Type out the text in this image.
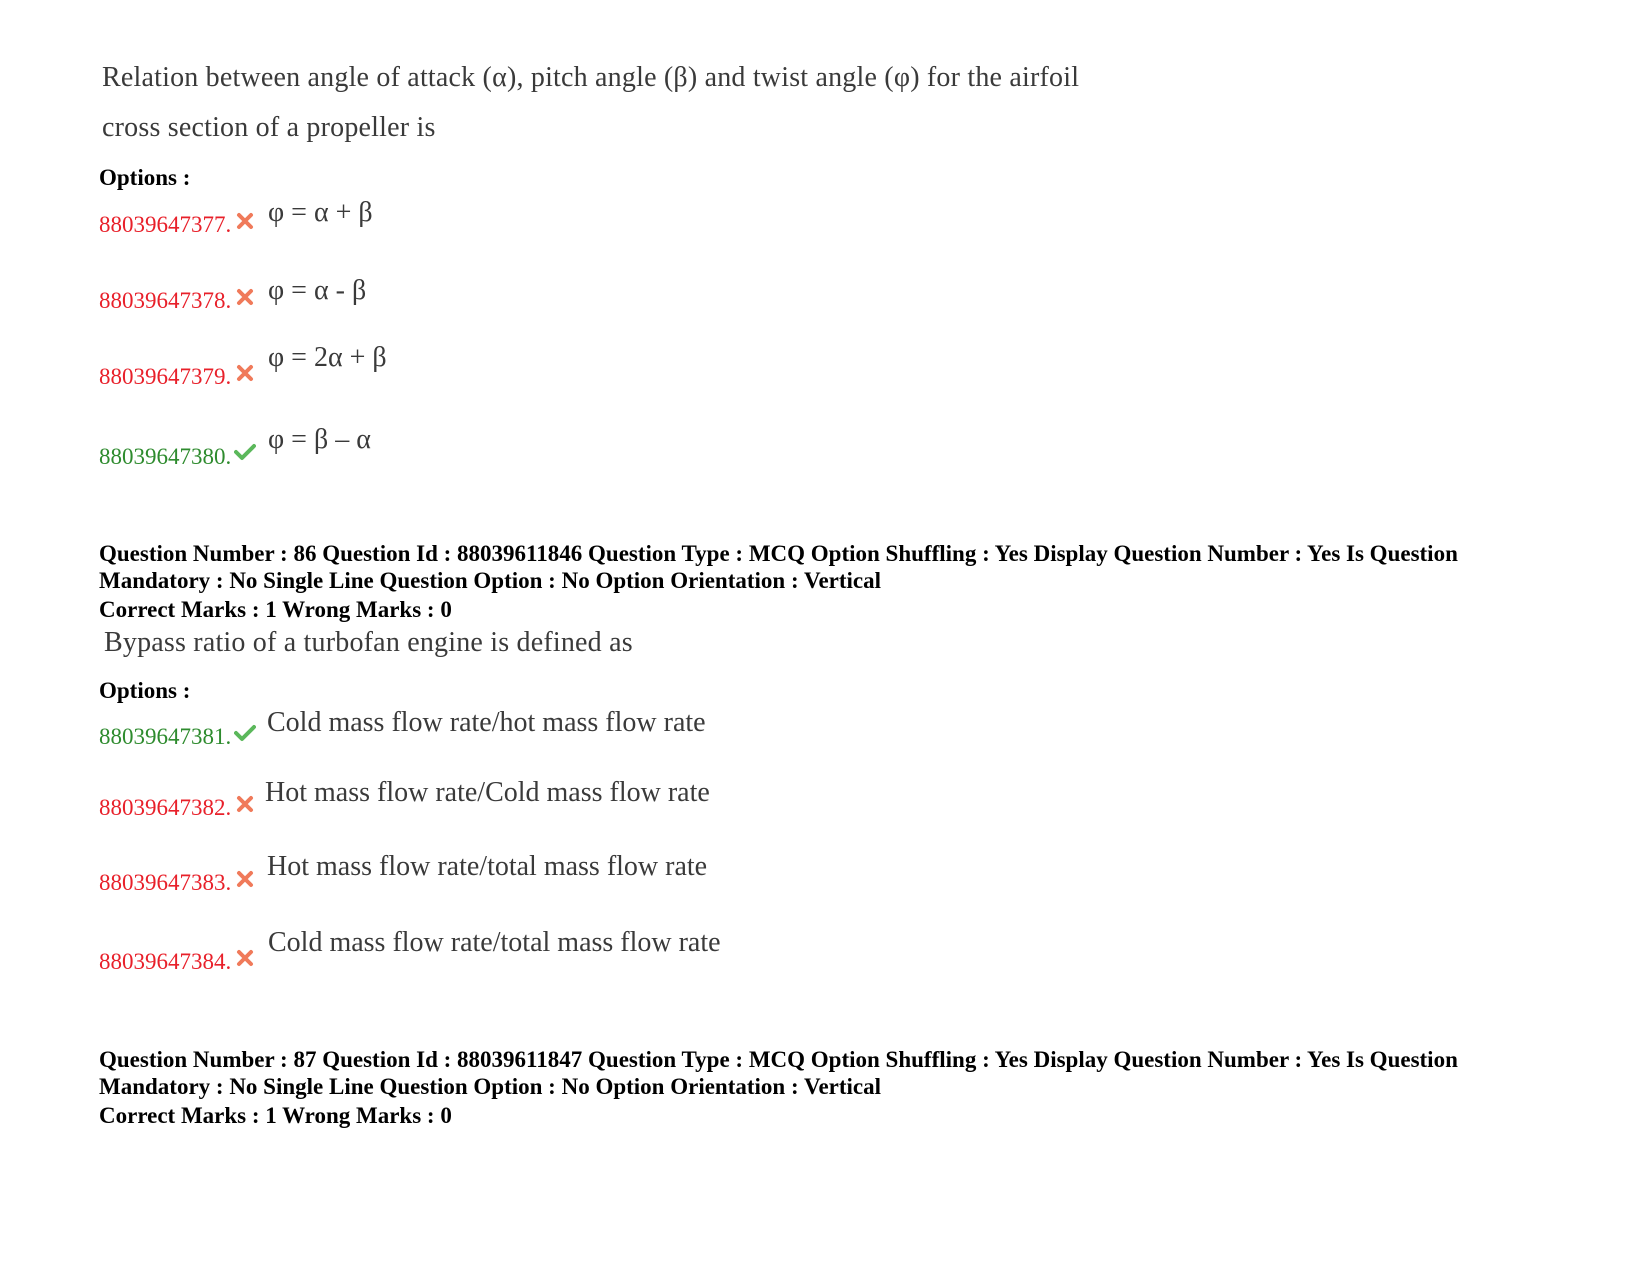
Relation between angle of attack (α), pitch angle (β) and twist angle (φ) for the airfoil
cross section of a propeller is
Options :
88039647377. φ = α + β
88039647378. φ = α - β
88039647379.
φ = 2α + β
88039647380.
φ = β – α
Question Number : 86 Question Id : 88039611846 Question Type : MCQ Option Shuffling : Yes Display Question Number : Yes Is Question Mandatory : No Single Line Question Option : No Option Orientation : Vertical
Correct Marks : 1 Wrong Marks : 0
Bypass ratio of a turbofan engine is defined as
Options :
88039647381. Cold mass flow rate/hot mass flow rate
88039647382. Hot mass flow rate/Cold mass flow rate
88039647383.
Hot mass flow rate/total mass flow rate
88039647384.
Cold mass flow rate/total mass flow rate
Question Number : 87 Question Id : 88039611847 Question Type : MCQ Option Shuffling : Yes Display Question Number : Yes Is Question Mandatory : No Single Line Question Option : No Option Orientation : Vertical
Correct Marks : 1 Wrong Marks : 0
